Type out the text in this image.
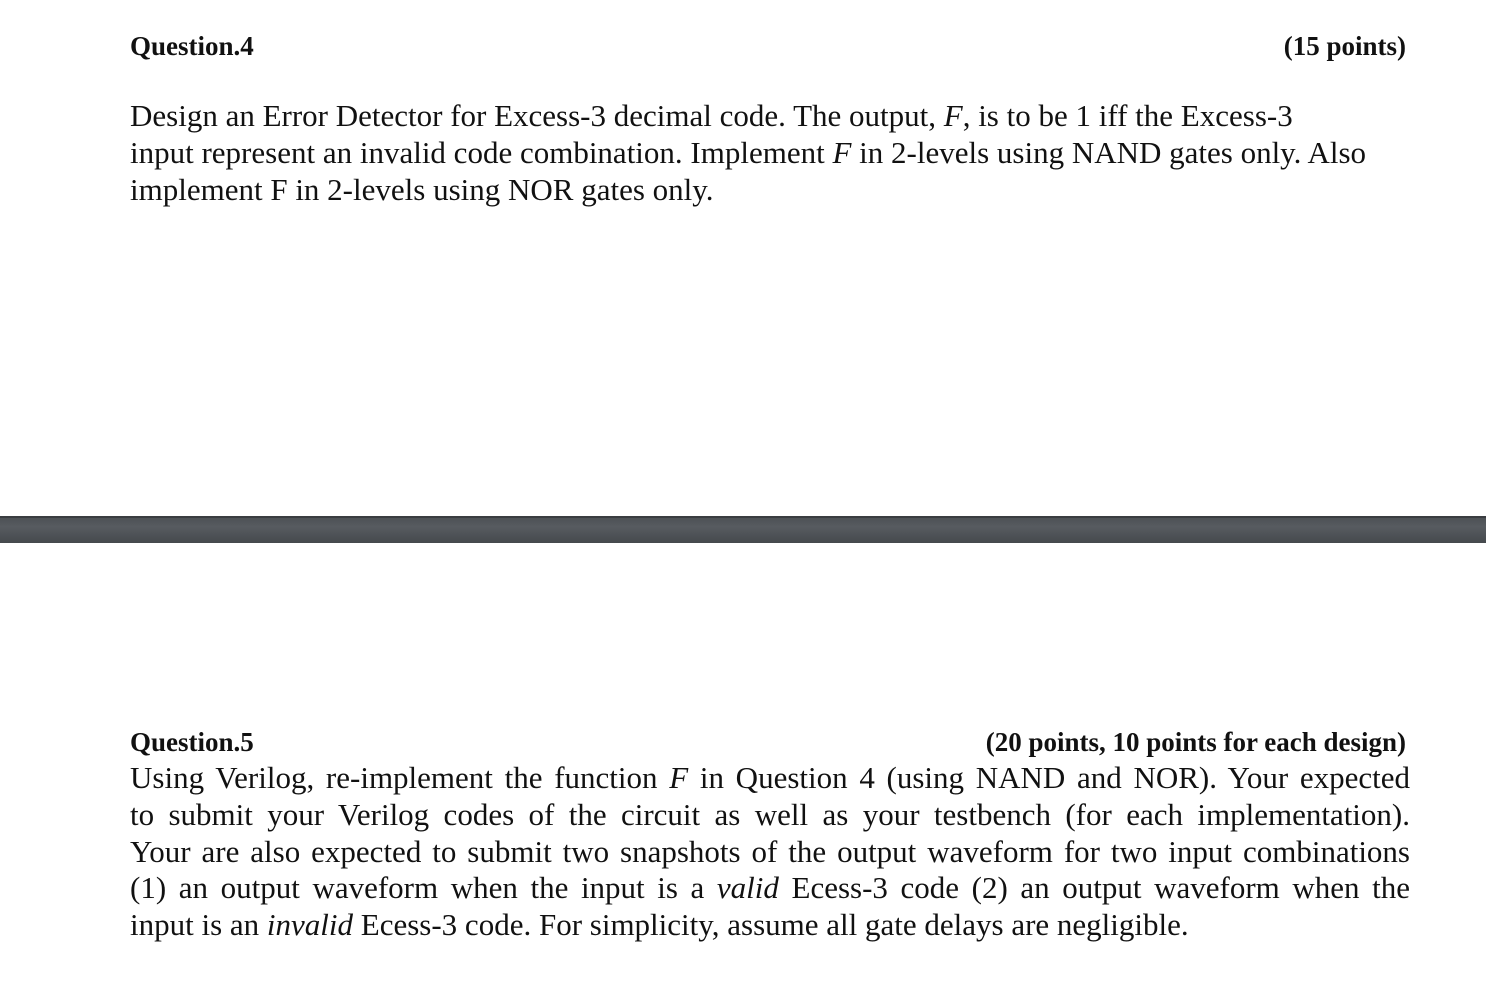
Question.4	(15 points)
Design an Error Detector for Excess-3 decimal code. The output, F, is to be 1 iff the Excess-3
input represent an invalid code combination. Implement F in 2-levels using NAND gates only. Also
implement F in 2-levels using NOR gates only.
Question.5	(20 points, 10 points for each design)
Using Verilog, re-implement the function F in Question 4 (using NAND and NOR). Your expected
to submit your Verilog codes of the circuit as well as your testbench (for each implementation).
Your are also expected to submit two snapshots of the output waveform for two input combinations
(1) an output waveform when the input is a valid Ecess-3 code (2) an output waveform when the
input is an invalid Ecess-3 code. For simplicity, assume all gate delays are negligible.
